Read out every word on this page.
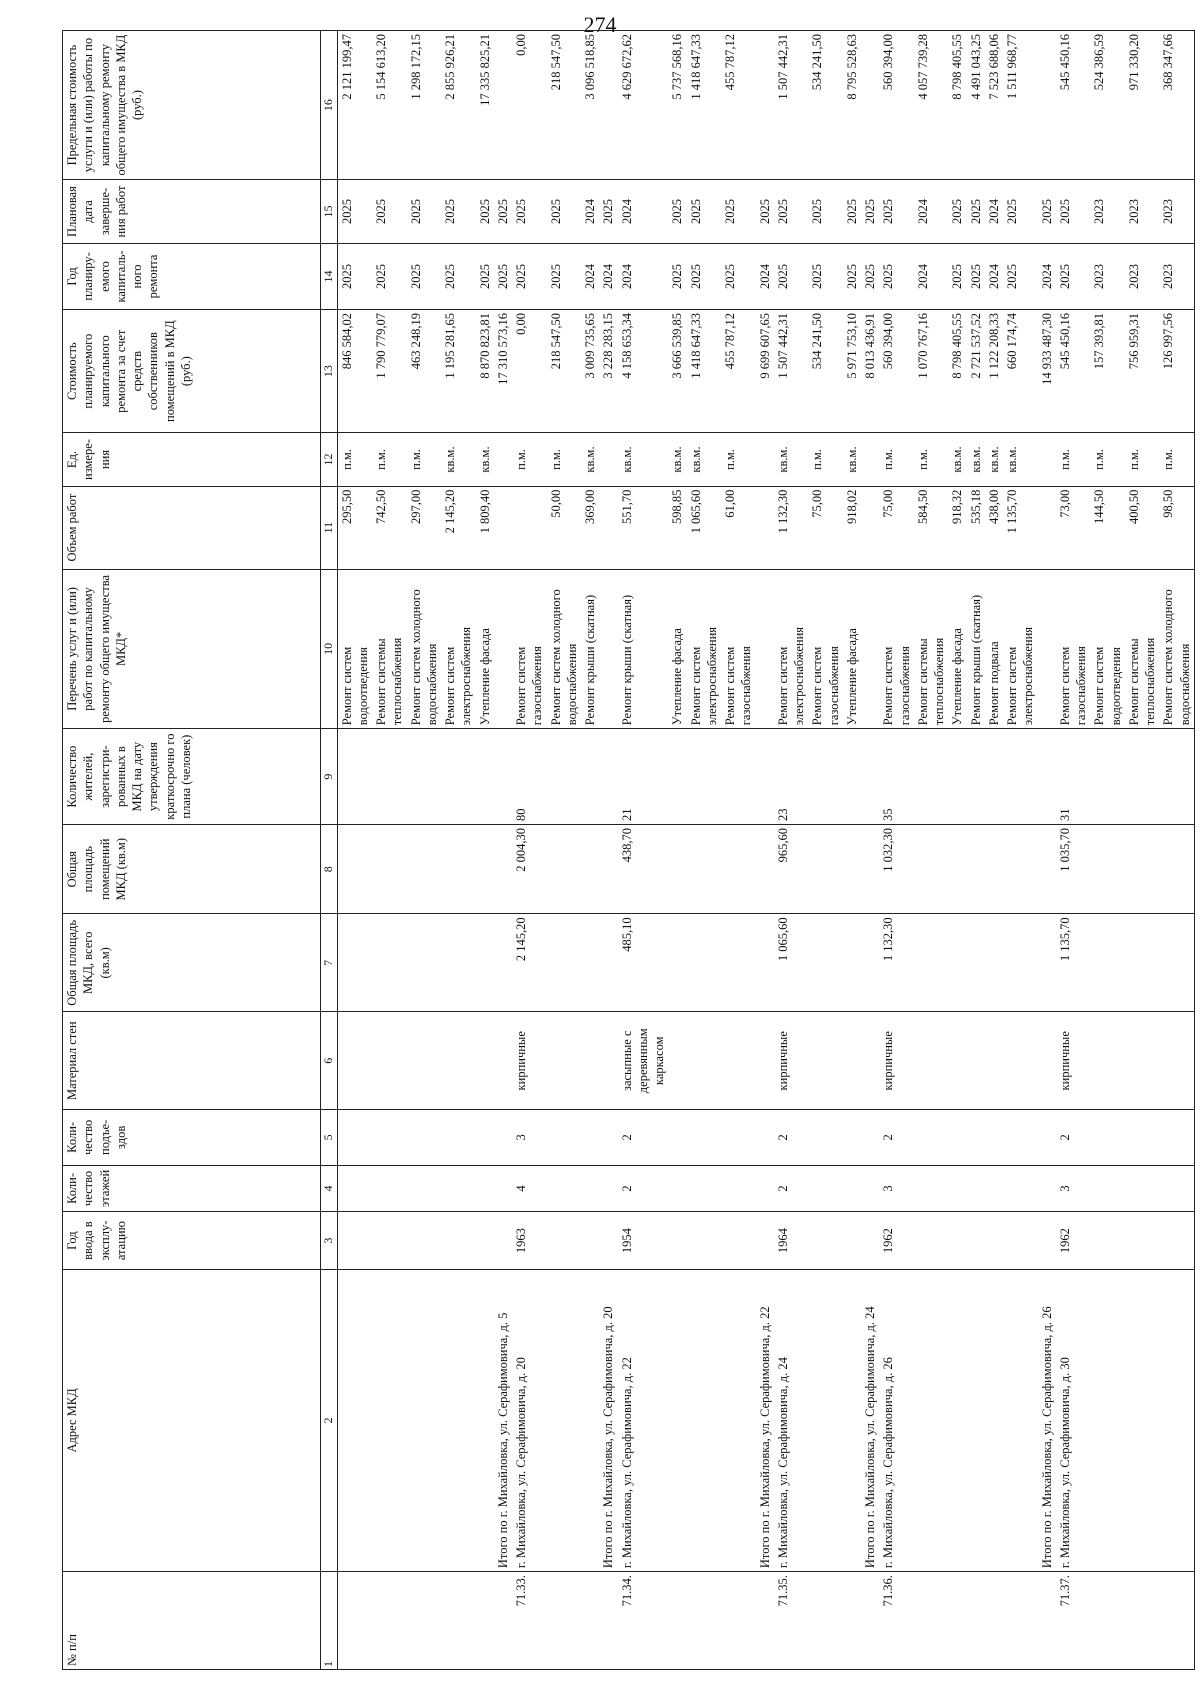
274
№ п/п	Адрес МКД	Год ввода в эксплу-атацию	Коли-чество этажей	Коли-чество подъе-здов	Материал стен	Общая площадь МКД, всего (кв.м)	Общая площадь помещений МКД (кв.м)	Количество жителей, зарегистри-рованных в МКД на дату утверждения краткосрочно го плана (человек)	Перечень услуг и (или) работ по капитальному ремонту общего имущества МКД*	Объем работ	Ед. измере-ния	Стоимость планируемого капитального ремонта за счет средств собственников помещений в МКД (руб.)	Год планиру-емого капиталь-ного ремонта	Плановая дата заверше-ния работ	Предельная стоимость услуги и (или) работы по капитальному ремонту общего имущества в МКД (руб.)
1	2	3	4	5	6	7	8	9	10	11	12	13	14	15	16
									Ремонт систем водоотведения	295,50	п.м.	846 584,02	2025	2025	2 121 199,47
									Ремонт системы теплоснабжения	742,50	п.м.	1 790 779,07	2025	2025	5 154 613,20
									Ремонт систем холодного водоснабжения	297,00	п.м.	463 248,19	2025	2025	1 298 172,15
									Ремонт систем электроснабжения	2 145,20	кв.м.	1 195 281,65	2025	2025	2 855 926,21
									Утепление фасада	1 809,40	кв.м.	8 870 823,81	2025	2025	17 335 825,21
	Итого по г. Михайловка, ул. Серафимовича, д. 5											17 310 573,16	2025	2025	
71.33.	г. Михайловка, ул. Серафимовича, д. 20	1963	4	3	кирпичные	2 145,20	2 004,30	80	Ремонт систем газоснабжения		п.м.	0,00	2025	2025	0,00
									Ремонт систем холодного водоснабжения	50,00	п.м.	218 547,50	2025	2025	218 547,50
									Ремонт крыши (скатная)	369,00	кв.м.	3 009 735,65	2024	2024	3 096 518,85
	Итого по г. Михайловка, ул. Серафимовича, д. 20											3 228 283,15	2024	2025	
71.34.	г. Михайловка, ул. Серафимовича, д. 22	1954	2	2	засыпные с деревянным каркасом	485,10	438,70	21	Ремонт крыши (скатная)	551,70	кв.м.	4 158 653,34	2024	2024	4 629 672,62
									Утепление фасада	598,85	кв.м.	3 666 539,85	2025	2025	5 737 568,16
									Ремонт систем электроснабжения	1 065,60	кв.м.	1 418 647,33	2025	2025	1 418 647,33
									Ремонт систем газоснабжения	61,00	п.м.	455 787,12	2025	2025	455 787,12
	Итого по г. Михайловка, ул. Серафимовича, д. 22											9 699 607,65	2024	2025	
71.35.	г. Михайловка, ул. Серафимовича, д. 24	1964	2	2	кирпичные	1 065,60	965,60	23	Ремонт систем электроснабжения	1 132,30	кв.м.	1 507 442,31	2025	2025	1 507 442,31
									Ремонт систем газоснабжения	75,00	п.м.	534 241,50	2025	2025	534 241,50
									Утепление фасада	918,02	кв.м.	5 971 753,10	2025	2025	8 795 528,63
	Итого по г. Михайловка, ул. Серафимовича, д. 24											8 013 436,91	2025	2025	
71.36.	г. Михайловка, ул. Серафимовича, д. 26	1962	3	2	кирпичные	1 132,30	1 032,30	35	Ремонт систем газоснабжения	75,00	п.м.	560 394,00	2025	2025	560 394,00
									Ремонт системы теплоснабжения	584,50	п.м.	1 070 767,16	2024	2024	4 057 739,28
									Утепление фасада	918,32	кв.м.	8 798 405,55	2025	2025	8 798 405,55
									Ремонт крыши (скатная)	535,18	кв.м.	2 721 537,52	2025	2025	4 491 043,25
									Ремонт подвала	438,00	кв.м.	1 122 208,33	2024	2024	7 523 688,06
									Ремонт систем электроснабжения	1 135,70	кв.м.	660 174,74	2025	2025	1 511 968,77
	Итого по г. Михайловка, ул. Серафимовича, д. 26											14 933 487,30	2024	2025	
71.37.	г. Михайловка, ул. Серафимовича, д. 30	1962	3	2	кирпичные	1 135,70	1 035,70	31	Ремонт систем газоснабжения	73,00	п.м.	545 450,16	2025	2025	545 450,16
									Ремонт систем водоотведения	144,50	п.м.	157 393,81	2023	2023	524 386,59
									Ремонт системы теплоснабжения	400,50	п.м.	756 959,31	2023	2023	971 330,20
									Ремонт систем холодного водоснабжения	98,50	п.м.	126 997,56	2023	2023	368 347,66
